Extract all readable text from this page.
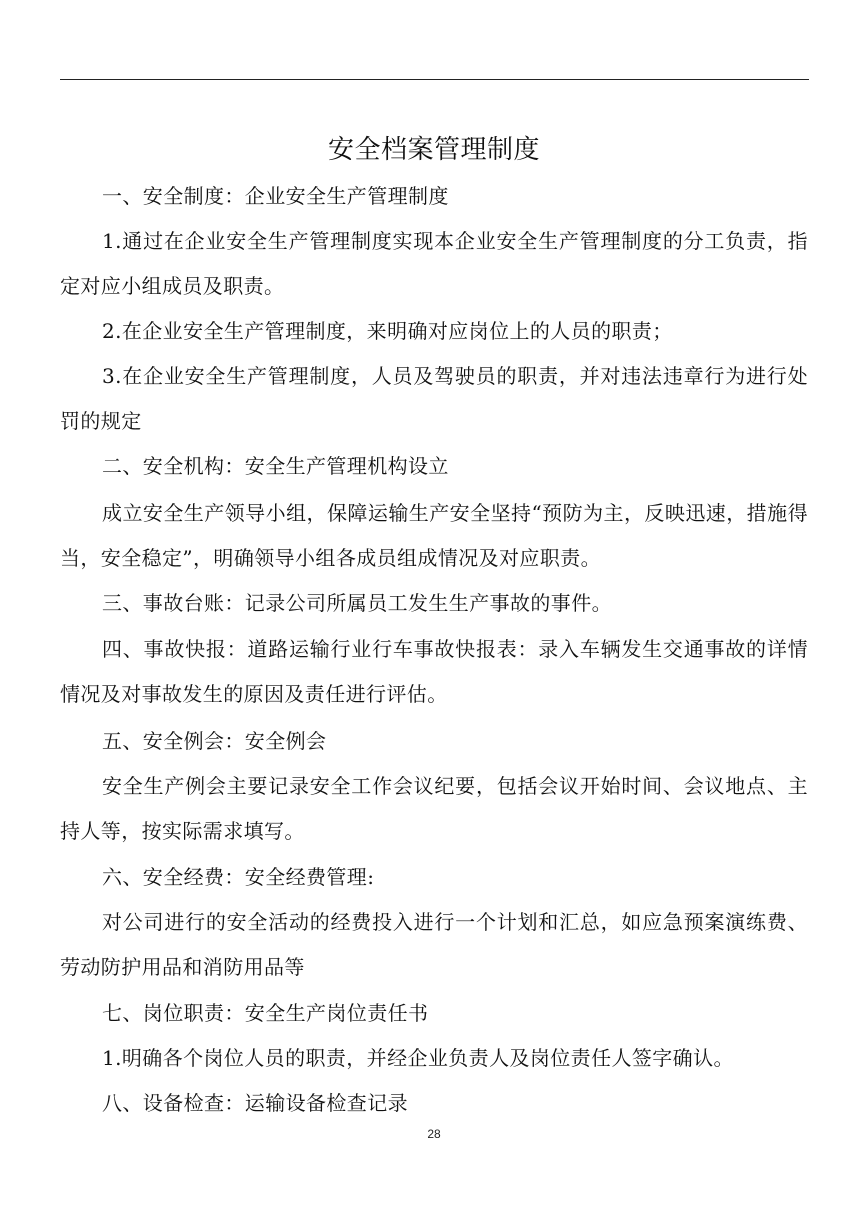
安全档案管理制度

一、安全制度：企业安全生产管理制度

1.通过在企业安全生产管理制度实现本企业安全生产管理制度的分工负责，指定对应小组成员及职责。

2.在企业安全生产管理制度，来明确对应岗位上的人员的职责；

3.在企业安全生产管理制度，人员及驾驶员的职责，并对违法违章行为进行处罚的规定

二、安全机构：安全生产管理机构设立

成立安全生产领导小组，保障运输生产安全坚持“预防为主，反映迅速，措施得当，安全稳定”，明确领导小组各成员组成情况及对应职责。

三、事故台账：记录公司所属员工发生生产事故的事件。

四、事故快报：道路运输行业行车事故快报表：录入车辆发生交通事故的详情情况及对事故发生的原因及责任进行评估。

五、安全例会：安全例会

安全生产例会主要记录安全工作会议纪要，包括会议开始时间、会议地点、主持人等，按实际需求填写。

六、安全经费：安全经费管理:

对公司进行的安全活动的经费投入进行一个计划和汇总，如应急预案演练费、劳动防护用品和消防用品等

七、岗位职责：安全生产岗位责任书

1.明确各个岗位人员的职责，并经企业负责人及岗位责任人签字确认。

八、设备检查：运输设备检查记录

28
